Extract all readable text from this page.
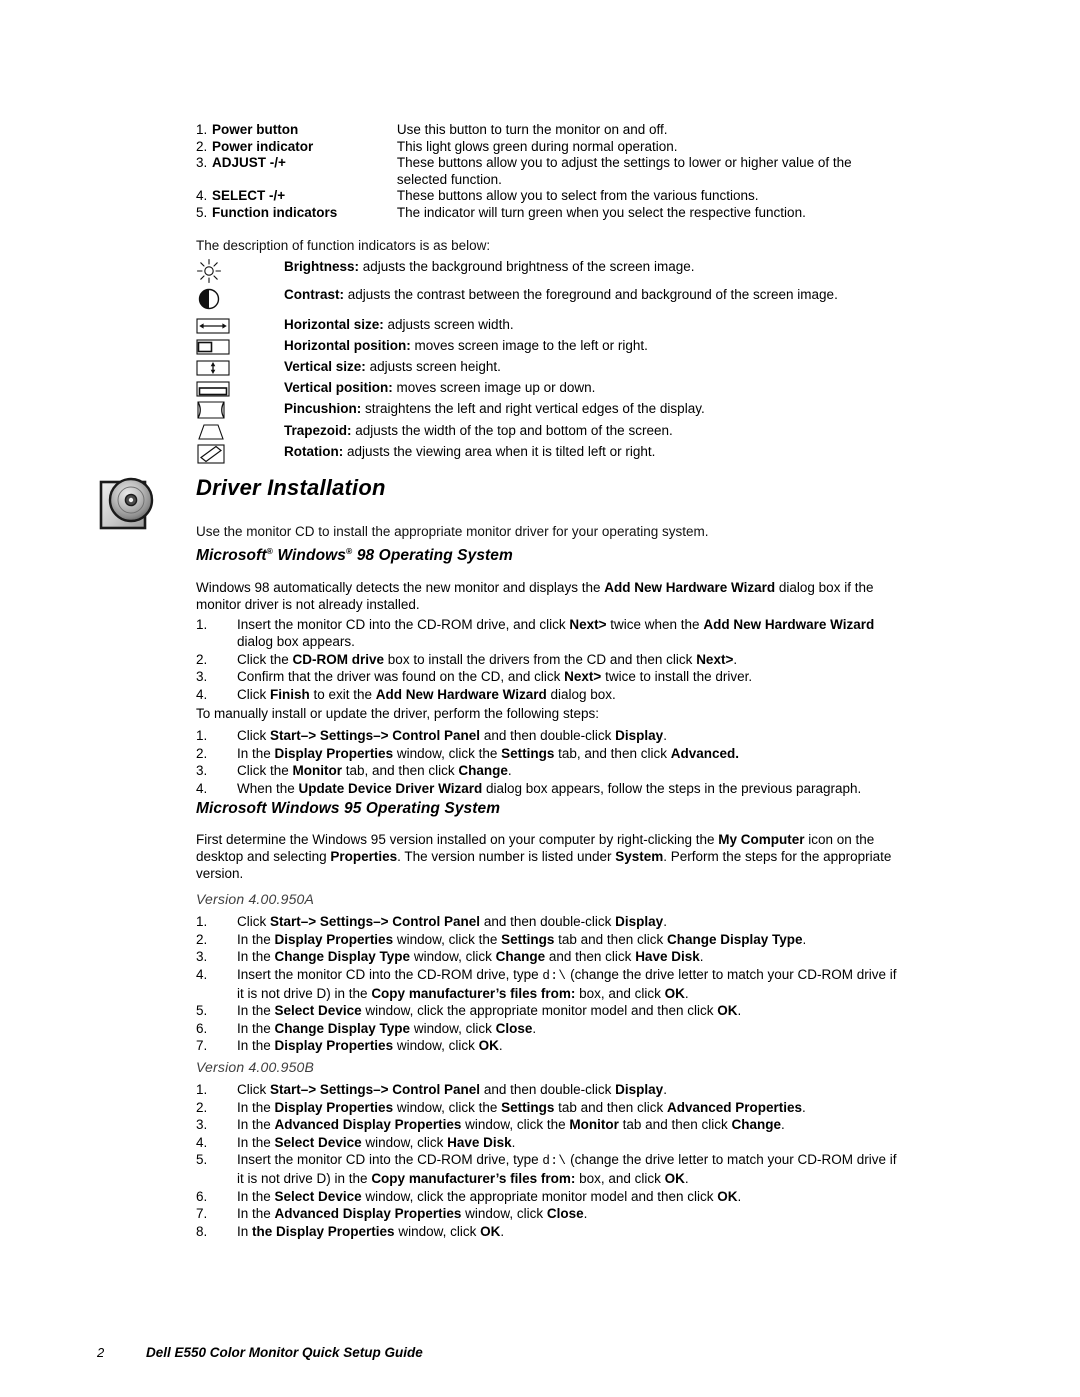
1.	Power button	Use this button to turn the monitor on and off.
2.	Power indicator	This light glows green during normal operation.
3.	ADJUST -/+	These buttons allow you to adjust the settings to lower or higher value of the selected function.
4.	SELECT -/+	These buttons allow you to select from the various functions.
5.	Function indicators	The indicator will turn green when you select the respective function.
The description of function indicators is as below:
Brightness: adjusts the background brightness of the screen image.
Contrast: adjusts the contrast between the foreground and background of the screen image.
Horizontal size: adjusts screen width.
Horizontal position: moves screen image to the left or right.
Vertical size: adjusts screen height.
Vertical position: moves screen image up or down.
Pincushion: straightens the left and right vertical edges of the display.
Trapezoid: adjusts the width of the top and bottom of the screen.
Rotation: adjusts the viewing area when it is tilted left or right.
Driver Installation
Use the monitor CD to install the appropriate monitor driver for your operating system.
Microsoft® Windows® 98 Operating System
Windows 98 automatically detects the new monitor and displays the Add New Hardware Wizard dialog box if the monitor driver is not already installed.
1.	Insert the monitor CD into the CD-ROM drive, and click Next> twice when the Add New Hardware Wizard dialog box appears.
2.	Click the CD-ROM drive box to install the drivers from the CD and then click Next>.
3.	Confirm that the driver was found on the CD, and click Next> twice to install the driver.
4.	Click Finish to exit the Add New Hardware Wizard dialog box.
To manually install or update the driver, perform the following steps:
1.	Click Start–> Settings–> Control Panel and then double-click Display.
2.	In the Display Properties window, click the Settings tab, and then click Advanced.
3.	Click the Monitor tab, and then click Change.
4.	When the Update Device Driver Wizard dialog box appears, follow the steps in the previous paragraph.
Microsoft Windows 95 Operating System
First determine the Windows 95 version installed on your computer by right-clicking the My Computer icon on the desktop and selecting Properties. The version number is listed under System. Perform the steps for the appropriate version.
Version 4.00.950A
1.	Click Start–> Settings–> Control Panel and then double-click Display.
2.	In the Display Properties window, click the Settings tab and then click Change Display Type.
3.	In the Change Display Type window, click Change and then click Have Disk.
4.	Insert the monitor CD into the CD-ROM drive, type d:\ (change the drive letter to match your CD-ROM drive if it is not drive D) in the Copy manufacturer’s files from: box, and click OK.
5.	In the Select Device window, click the appropriate monitor model and then click OK.
6.	In the Change Display Type window, click Close.
7.	In the Display Properties window, click OK.
Version 4.00.950B
1.	Click Start–> Settings–> Control Panel and then double-click Display.
2.	In the Display Properties window, click the Settings tab and then click Advanced Properties.
3.	In the Advanced Display Properties window, click the Monitor tab and then click Change.
4.	In the Select Device window, click Have Disk.
5.	Insert the monitor CD into the CD-ROM drive, type d:\ (change the drive letter to match your CD-ROM drive if it is not drive D) in the Copy manufacturer’s files from: box, and click OK.
6.	In the Select Device window, click the appropriate monitor model and then click OK.
7.	In the Advanced Display Properties window, click Close.
8.	In the Display Properties window, click OK.
2	Dell E550 Color Monitor Quick Setup Guide
